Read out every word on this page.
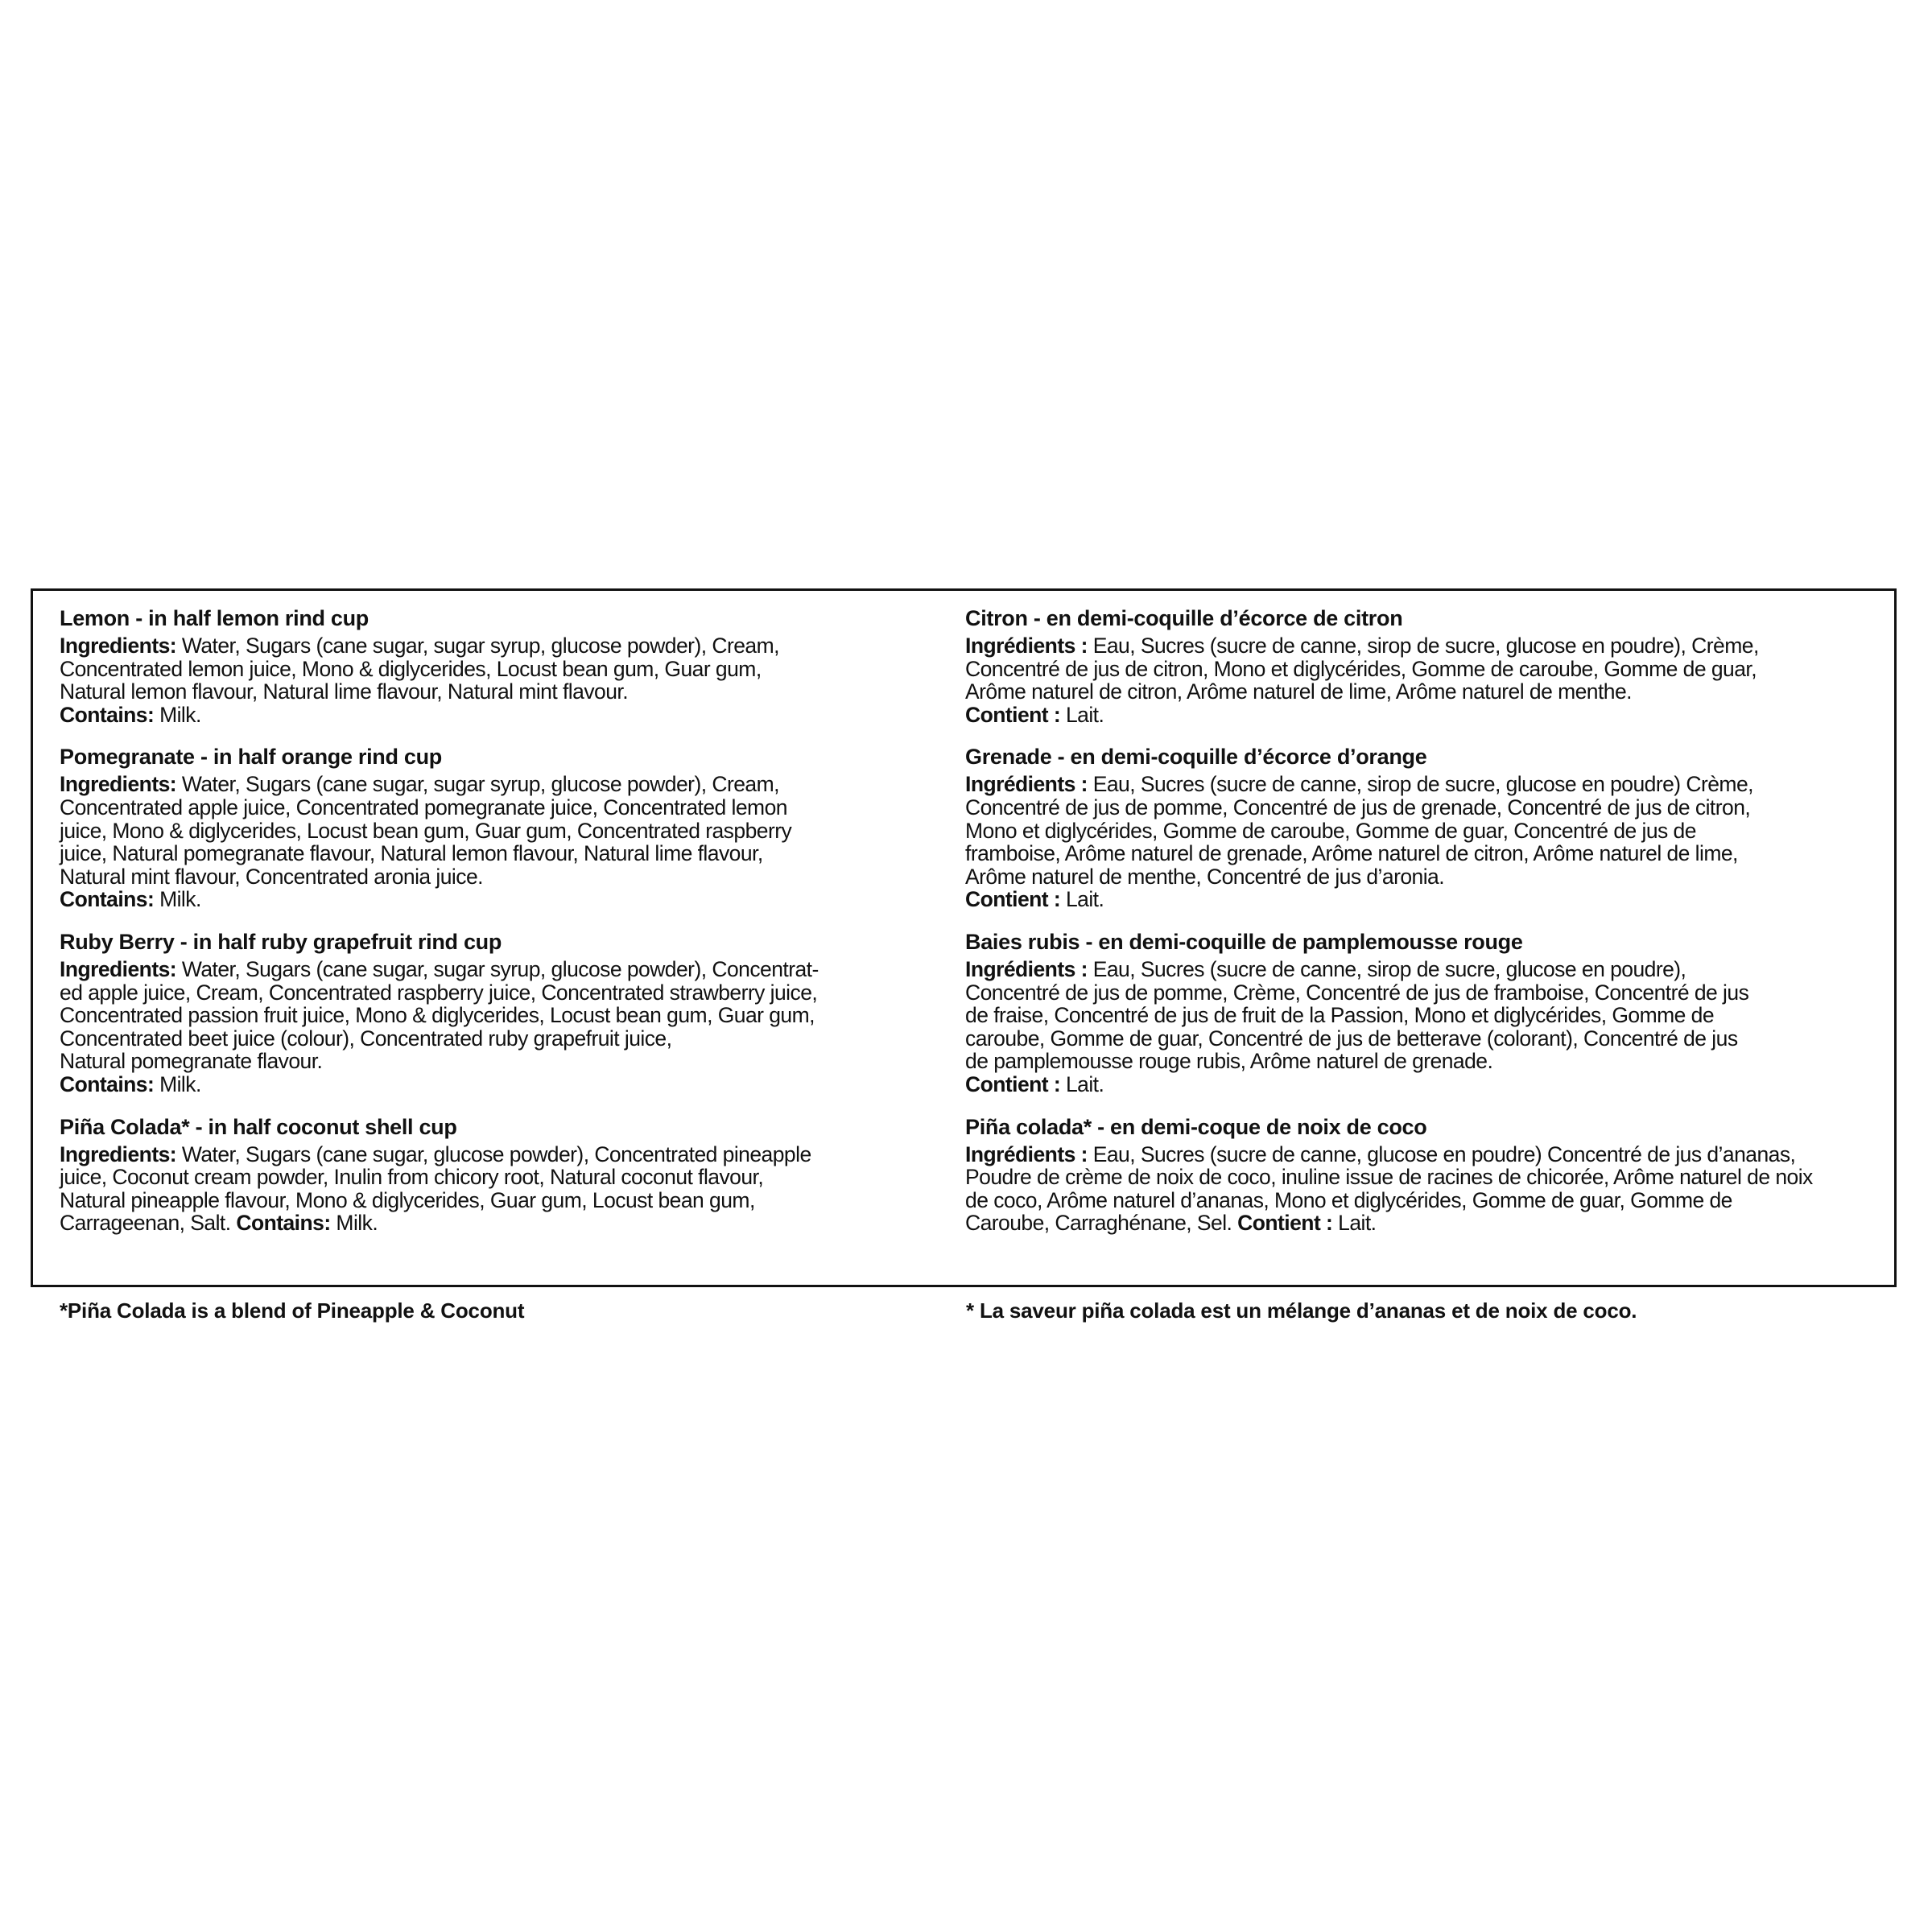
Lemon - in half lemon rind cup
Ingredients: Water, Sugars (cane sugar, sugar syrup, glucose powder), Cream,
Concentrated lemon juice, Mono & diglycerides, Locust bean gum, Guar gum,
Natural lemon flavour, Natural lime flavour, Natural mint flavour.
Contains: Milk.
Pomegranate - in half orange rind cup
Ingredients: Water, Sugars (cane sugar, sugar syrup, glucose powder), Cream,
Concentrated apple juice, Concentrated pomegranate juice, Concentrated lemon
juice, Mono & diglycerides, Locust bean gum, Guar gum, Concentrated raspberry
juice, Natural pomegranate flavour, Natural lemon flavour, Natural lime flavour,
Natural mint flavour, Concentrated aronia juice.
Contains: Milk.
Ruby Berry - in half ruby grapefruit rind cup
Ingredients: Water, Sugars (cane sugar, sugar syrup, glucose powder), Concentrat-
ed apple juice, Cream, Concentrated raspberry juice, Concentrated strawberry juice,
Concentrated passion fruit juice, Mono & diglycerides, Locust bean gum, Guar gum,
Concentrated beet juice (colour), Concentrated ruby grapefruit juice,
Natural pomegranate flavour.
Contains: Milk.
Piña Colada* - in half coconut shell cup
Ingredients: Water, Sugars (cane sugar, glucose powder), Concentrated pineapple
juice, Coconut cream powder, Inulin from chicory root, Natural coconut flavour,
Natural pineapple flavour, Mono & diglycerides, Guar gum, Locust bean gum,
Carrageenan, Salt. Contains: Milk.
Citron - en demi-coquille d’écorce de citron
Ingrédients : Eau, Sucres (sucre de canne, sirop de sucre, glucose en poudre), Crème,
Concentré de jus de citron, Mono et diglycérides, Gomme de caroube, Gomme de guar,
Arôme naturel de citron, Arôme naturel de lime, Arôme naturel de menthe.
Contient : Lait.
Grenade - en demi-coquille d’écorce d’orange
Ingrédients : Eau, Sucres (sucre de canne, sirop de sucre, glucose en poudre) Crème,
Concentré de jus de pomme, Concentré de jus de grenade, Concentré de jus de citron,
Mono et diglycérides, Gomme de caroube, Gomme de guar, Concentré de jus de
framboise, Arôme naturel de grenade, Arôme naturel de citron, Arôme naturel de lime,
Arôme naturel de menthe, Concentré de jus d’aronia.
Contient : Lait.
Baies rubis - en demi-coquille de pamplemousse rouge
Ingrédients : Eau, Sucres (sucre de canne, sirop de sucre, glucose en poudre),
Concentré de jus de pomme, Crème, Concentré de jus de framboise, Concentré de jus
de fraise, Concentré de jus de fruit de la Passion, Mono et diglycérides, Gomme de
caroube, Gomme de guar, Concentré de jus de betterave (colorant), Concentré de jus
de pamplemousse rouge rubis, Arôme naturel de grenade.
Contient : Lait.
Piña colada* - en demi-coque de noix de coco
Ingrédients : Eau, Sucres (sucre de canne, glucose en poudre) Concentré de jus d’ananas,
Poudre de crème de noix de coco, inuline issue de racines de chicorée, Arôme naturel de noix
de coco, Arôme naturel d’ananas, Mono et diglycérides, Gomme de guar, Gomme de
Caroube, Carraghénane, Sel. Contient : Lait.
*Piña Colada is a blend of Pineapple & Coconut	* La saveur piña colada est un mélange d’ananas et de noix de coco.
